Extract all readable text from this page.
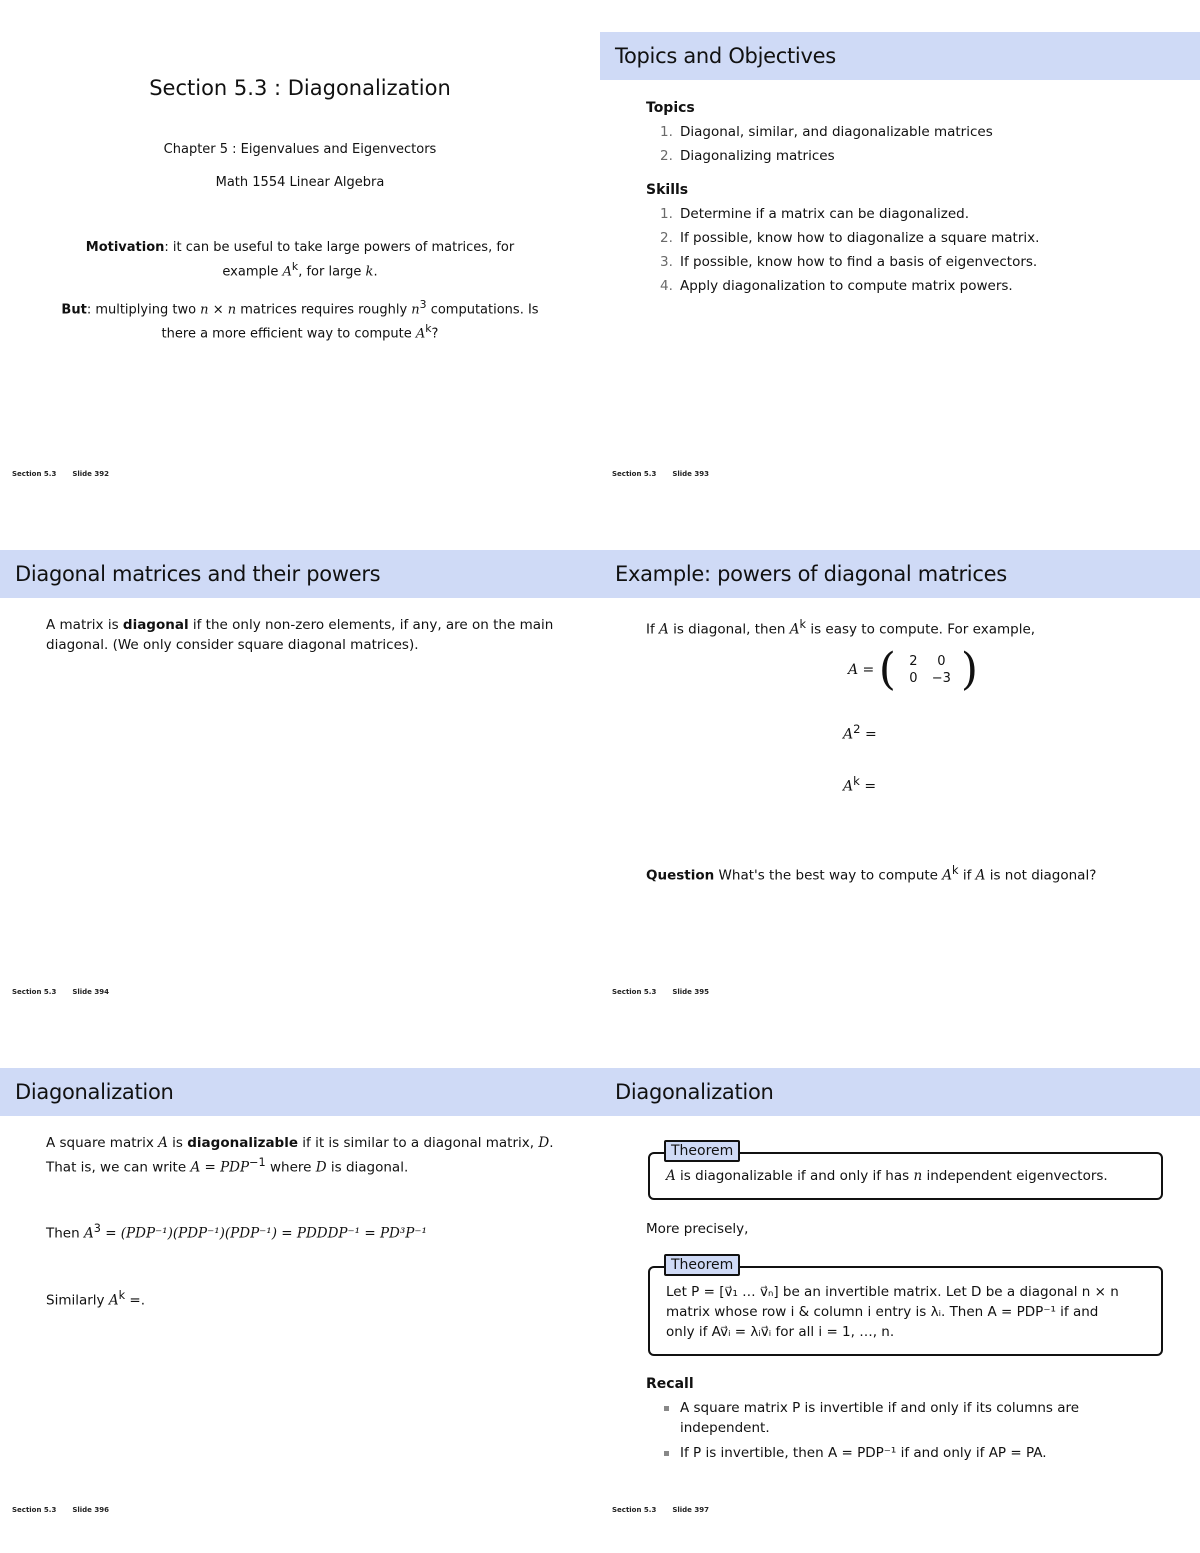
Section 5.3 : Diagonalization
Chapter 5 : Eigenvalues and Eigenvectors
Math 1554 Linear Algebra
Motivation: it can be useful to take large powers of matrices, for example $A^k$, for large k.
But: multiplying two n × n matrices requires roughly $n^3$ computations. Is there a more efficient way to compute $A^k$?
Section 5.3 Slide 392
Topics and Objectives
Topics
1. Diagonal, similar, and diagonalizable matrices
2. Diagonalizing matrices
Skills
1. Determine if a matrix can be diagonalized.
2. If possible, know how to diagonalize a square matrix.
3. If possible, know how to find a basis of eigenvectors.
4. Apply diagonalization to compute matrix powers.
Section 5.3 Slide 393
Diagonal matrices and their powers
A matrix is diagonal if the only non-zero elements, if any, are on the main diagonal. (We only consider square diagonal matrices).
Section 5.3 Slide 394
Example: powers of diagonal matrices
If A is diagonal, then $A^k$ is easy to compute. For example,
A = (	2	0
0	−3 )
$A^2$ =
$A^k$ =
Question What's the best way to compute $A^k$ if A is not diagonal?
Section 5.3 Slide 395
Diagonalization
A square matrix A is diagonalizable if it is similar to a diagonal matrix, D. That is, we can write $A = PDP^{-1}$ where D is diagonal.
Then $A^3 = (PDP^{-1})(PDP^{-1})(PDP^{-1})$ = PDDDP⁻¹ = PD³P⁻¹
Similarly $A^k$ =.
Section 5.3 Slide 396
Diagonalization
A is diagonalizable if and only if has n independent eigenvectors.
Theorem
More precisely,
Let P = [v⃗₁ … v⃗ₙ] be an invertible matrix. Let D be a diagonal n × n
matrix whose row i & column i entry is λᵢ. Then A = PDP⁻¹ if and
only if Av⃗ᵢ = λᵢv⃗ᵢ for all i = 1, …, n.
Theorem
Recall
A square matrix P is invertible if and only if its columns are independent.
If P is invertible, then A = PDP⁻¹ if and only if AP = PA.
Section 5.3 Slide 397
